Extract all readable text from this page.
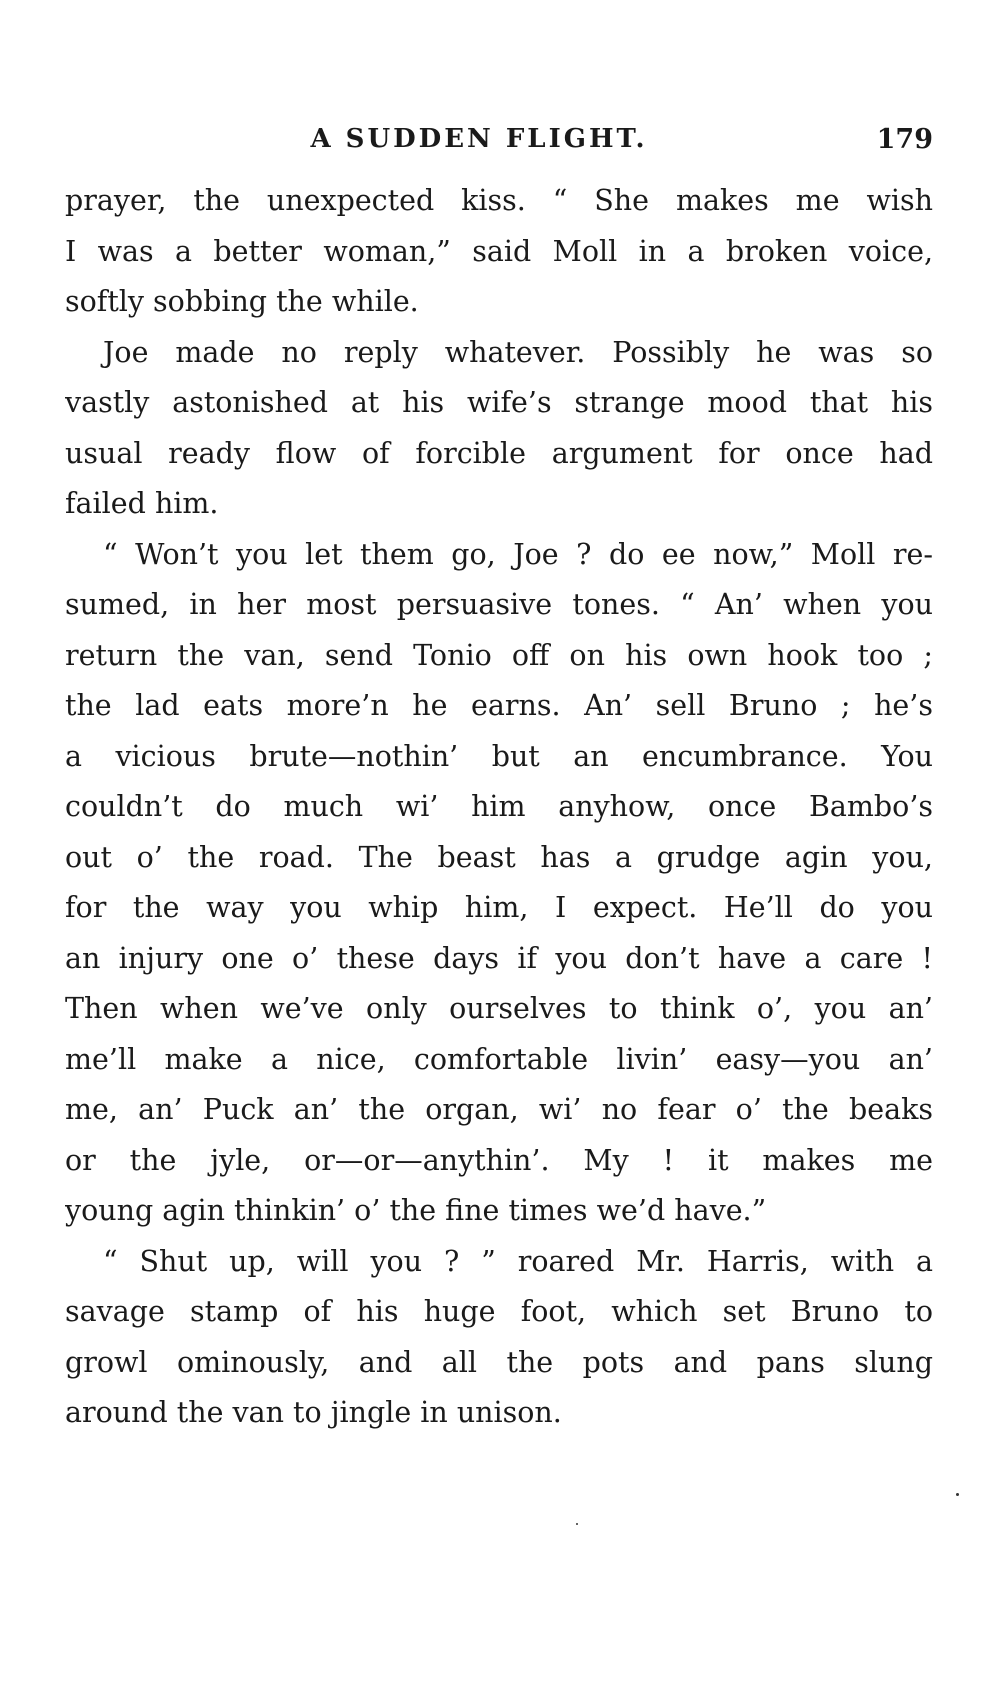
A SUDDEN FLIGHT.	179
prayer, the unexpected kiss. “ She makes me wish
I was a better woman,” said Moll in a broken voice,
softly sobbing the while.
Joe made no reply whatever. Possibly he was so
vastly astonished at his wife’s strange mood that his
usual ready flow of forcible argument for once had
failed him.
“ Won’t you let them go, Joe ? do ee now,” Moll re-
sumed, in her most persuasive tones. “ An’ when you
return the van, send Tonio off on his own hook too ;
the lad eats more’n he earns. An’ sell Bruno ; he’s
a vicious brute—nothin’ but an encumbrance. You
couldn’t do much wi’ him anyhow, once Bambo’s
out o’ the road. The beast has a grudge agin you,
for the way you whip him, I expect. He’ll do you
an injury one o’ these days if you don’t have a care !
Then when we’ve only ourselves to think o’, you an’
me’ll make a nice, comfortable livin’ easy—you an’
me, an’ Puck an’ the organ, wi’ no fear o’ the beaks
or the jyle, or—or—anythin’. My ! it makes me
young agin thinkin’ o’ the fine times we’d have.”
“ Shut up, will you ? ” roared Mr. Harris, with a
savage stamp of his huge foot, which set Bruno to
growl ominously, and all the pots and pans slung
around the van to jingle in unison.
